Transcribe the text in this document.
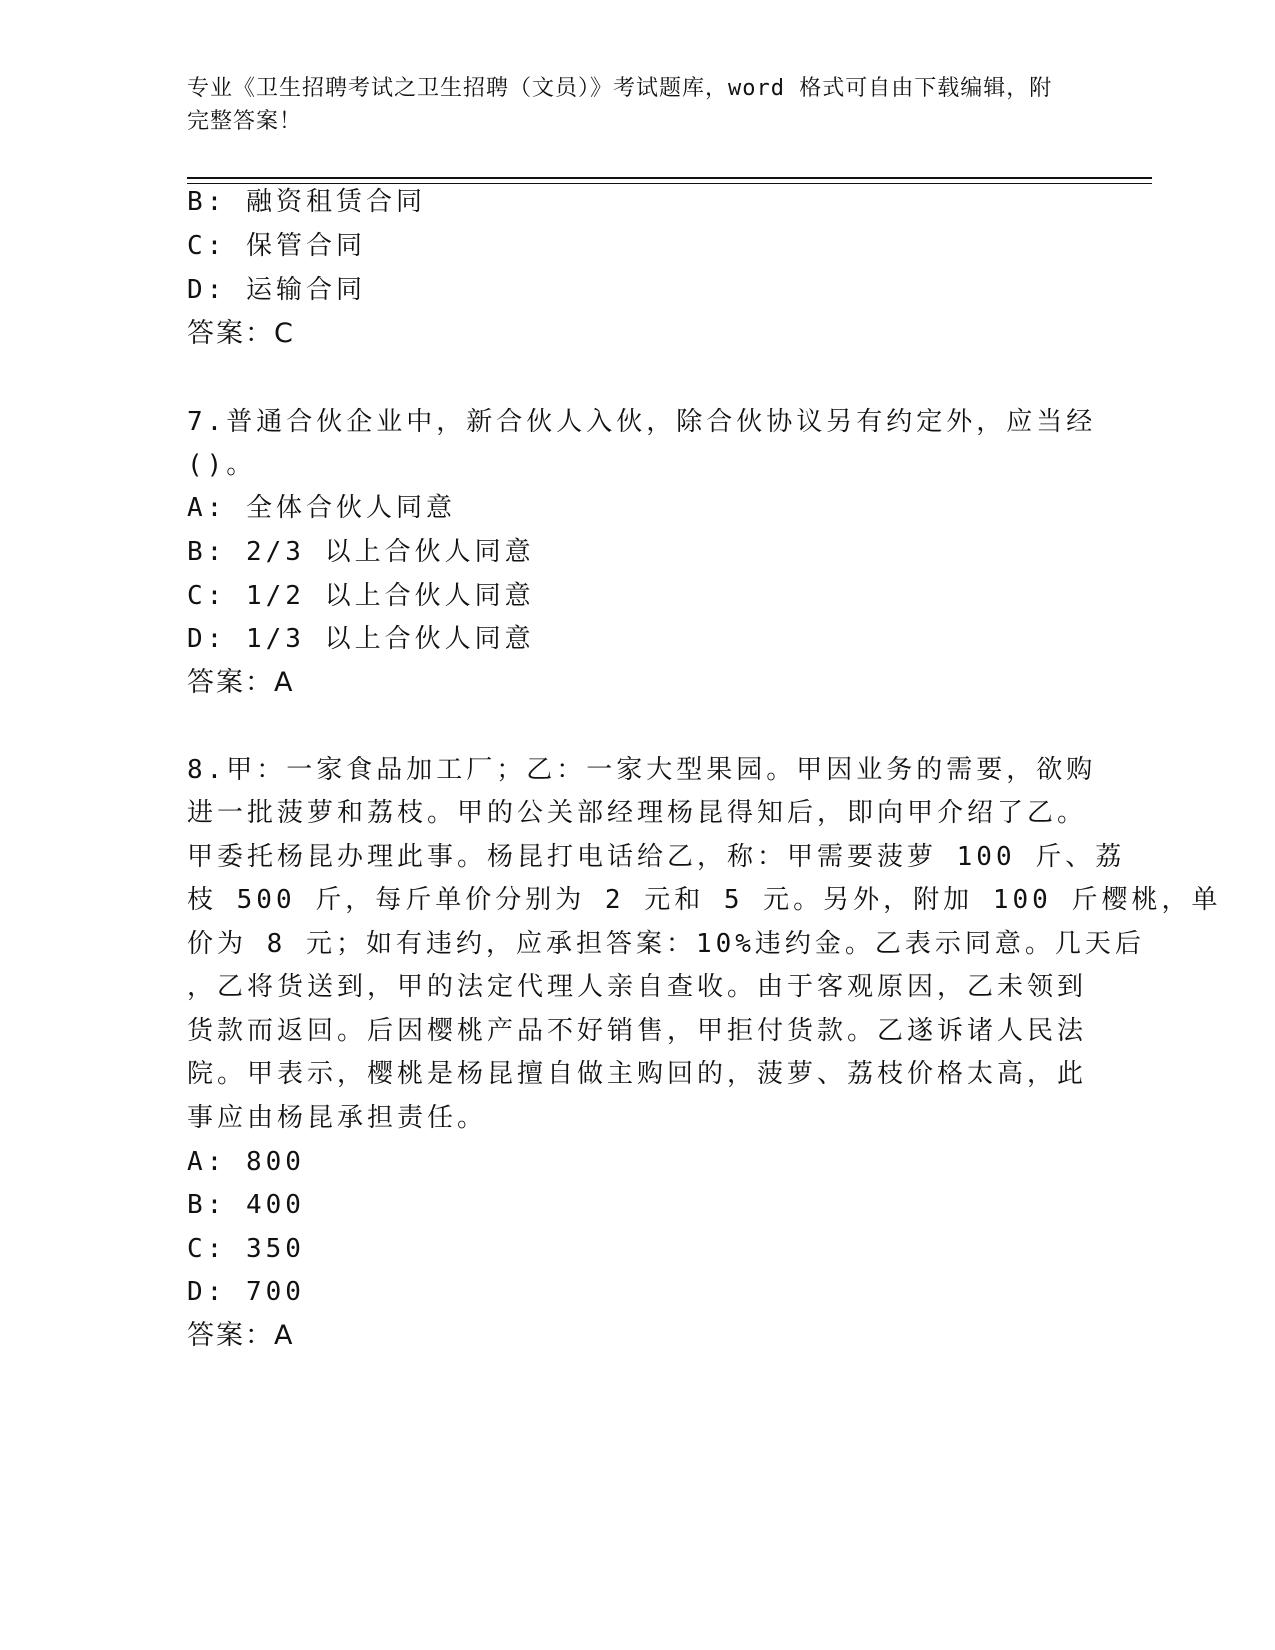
专业《卫生招聘考试之卫生招聘（文员）》考试题库，word 格式可自由下载编辑，附完整答案！
B: 融资租赁合同
C: 保管合同
D: 运输合同
答案：C
7.普通合伙企业中，新合伙人入伙，除合伙协议另有约定外，应当经
()。
A: 全体合伙人同意
B: 2/3 以上合伙人同意
C: 1/2 以上合伙人同意
D: 1/3 以上合伙人同意
答案：A
8.甲：一家食品加工厂；乙：一家大型果园。甲因业务的需要，欲购
进一批菠萝和荔枝。甲的公关部经理杨昆得知后，即向甲介绍了乙。
甲委托杨昆办理此事。杨昆打电话给乙，称：甲需要菠萝 100 斤、荔
枝 500 斤，每斤单价分别为 2 元和 5 元。另外，附加 100 斤樱桃，单
价为 8 元；如有违约，应承担答案：10%违约金。乙表示同意。几天后
，乙将货送到，甲的法定代理人亲自查收。由于客观原因，乙未领到
货款而返回。后因樱桃产品不好销售，甲拒付货款。乙遂诉诸人民法
院。甲表示，樱桃是杨昆擅自做主购回的，菠萝、荔枝价格太高，此
事应由杨昆承担责任。
A: 800
B: 400
C: 350
D: 700
答案：A
